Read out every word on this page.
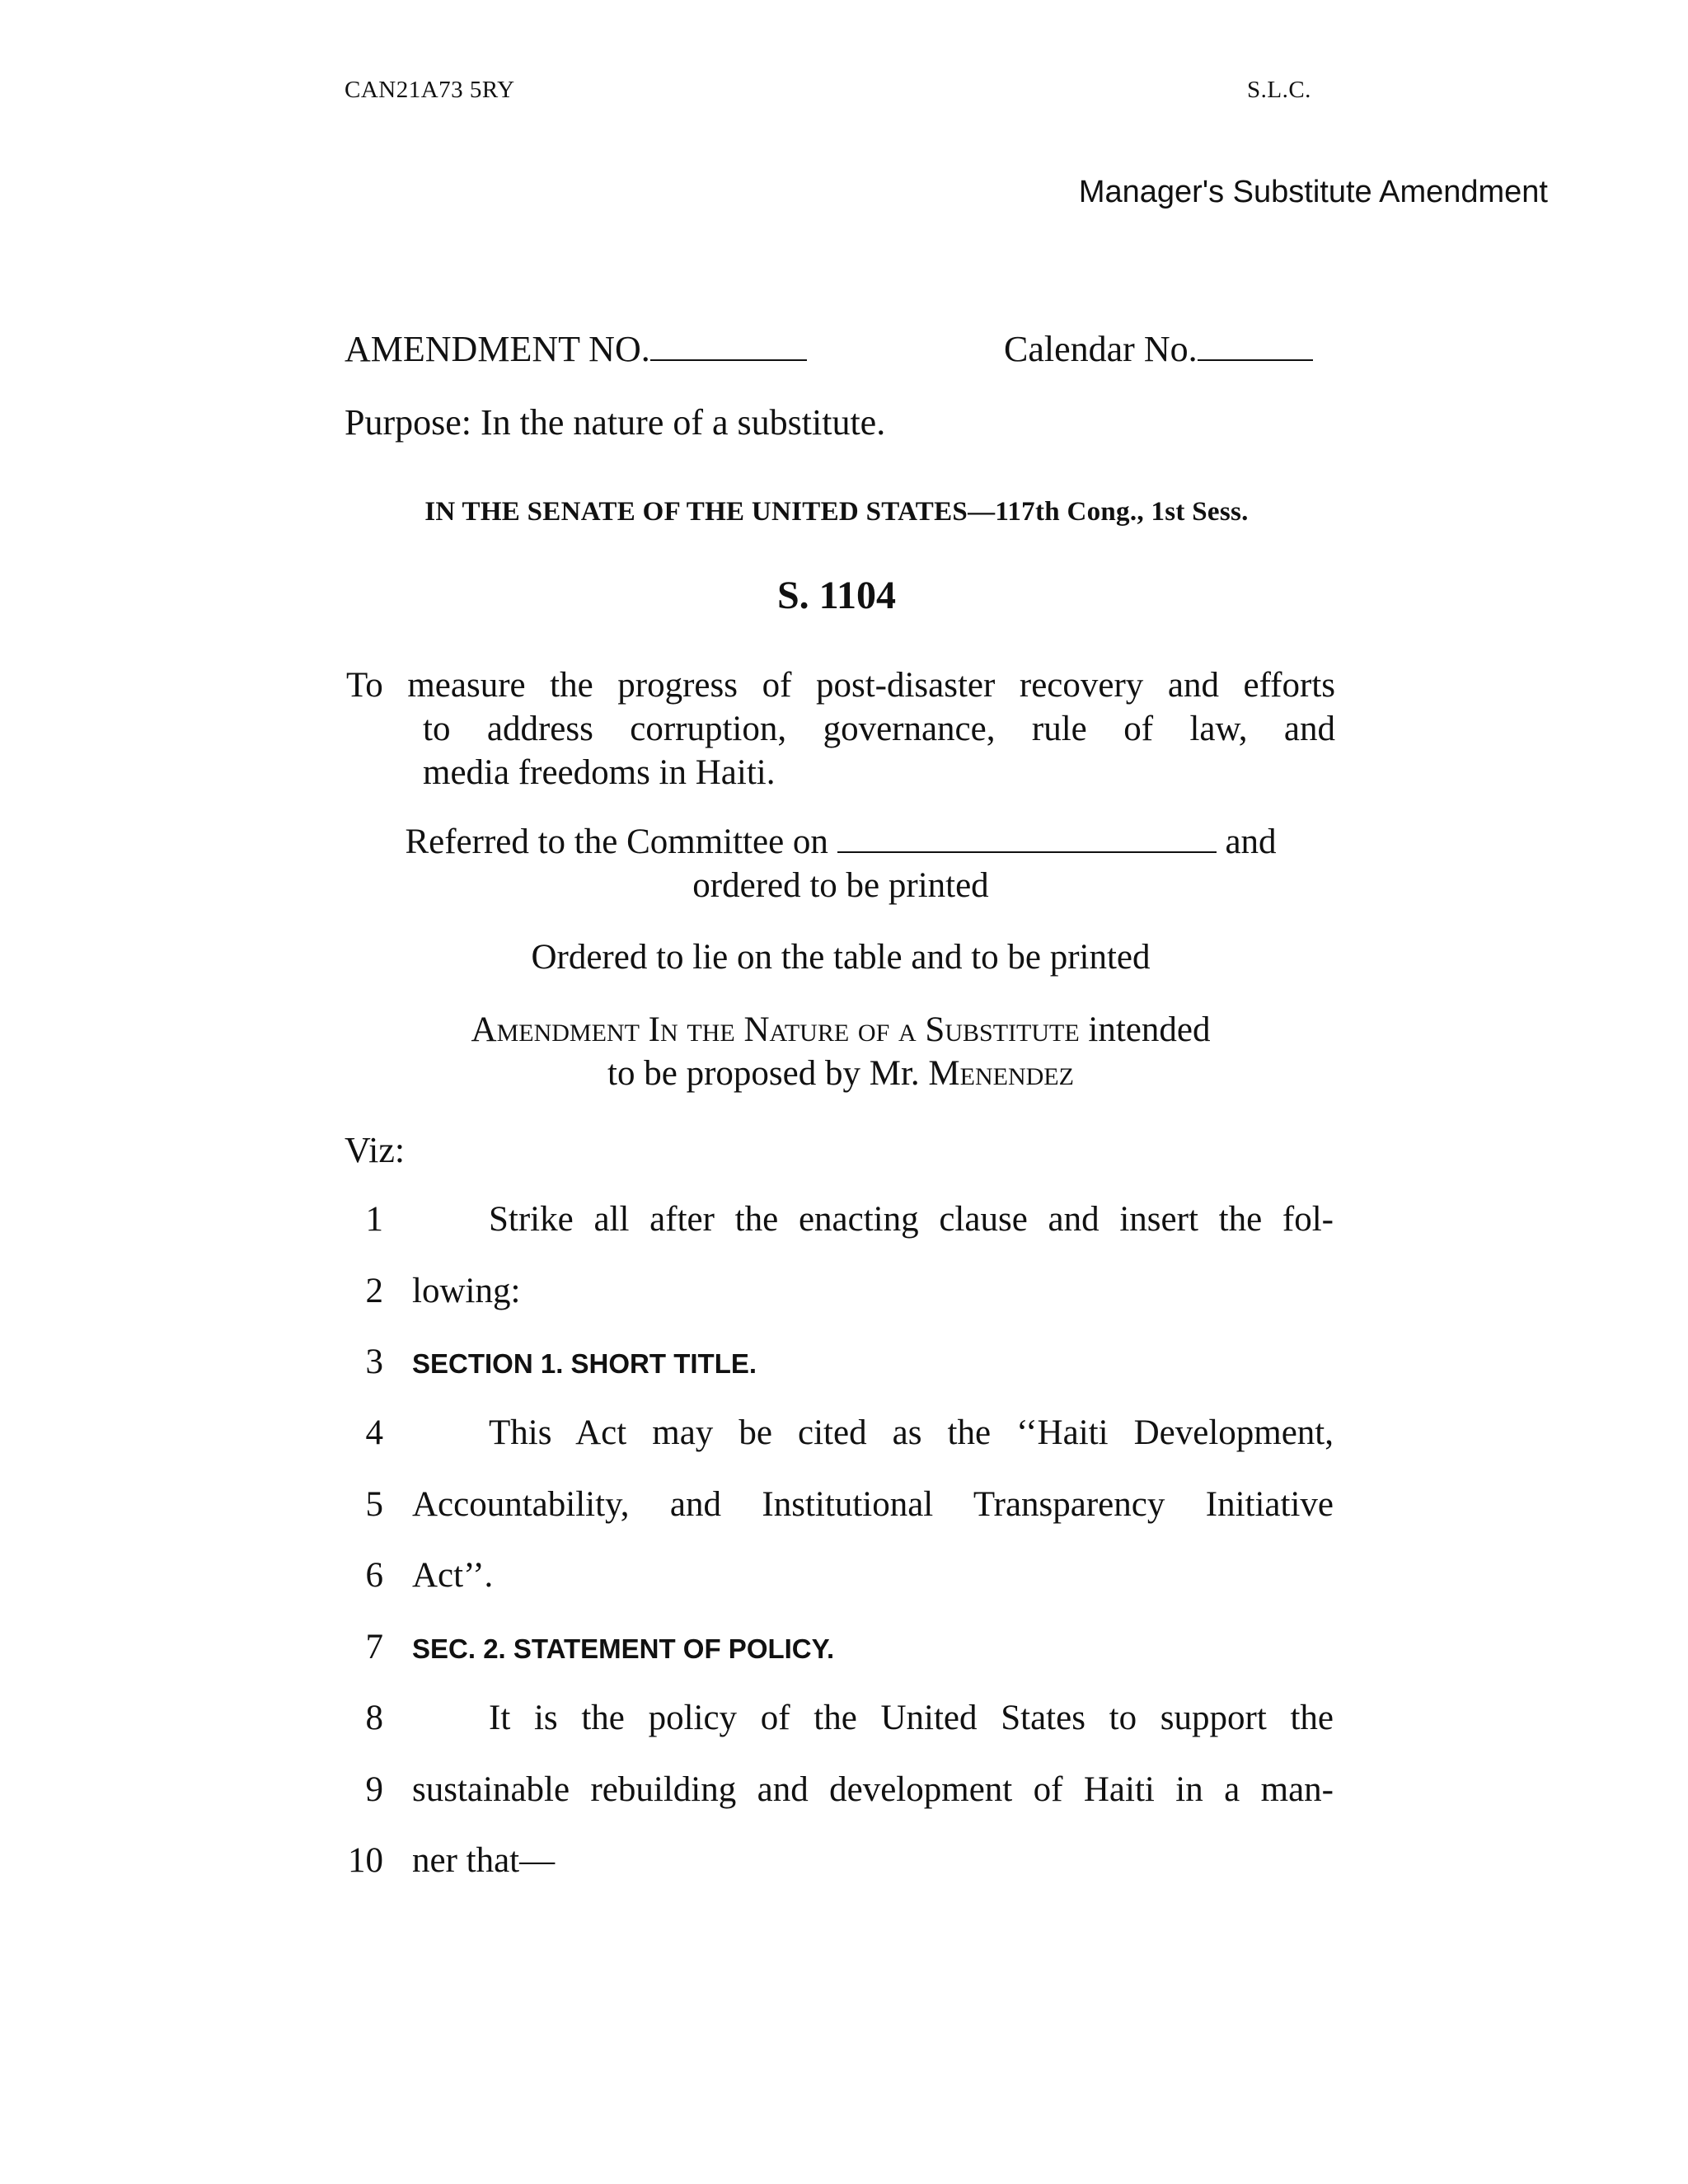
CAN21A73 5RY	S.L.C.
Manager's Substitute Amendment
AMENDMENT NO.	Calendar No.
Purpose: In the nature of a substitute.
IN THE SENATE OF THE UNITED STATES—117th Cong., 1st Sess.
S. 1104
To measure the progress of post-disaster recovery and efforts
to address corruption, governance, rule of law, and
media freedoms in Haiti.
Referred to the Committee on	and
ordered to be printed
Ordered to lie on the table and to be printed
Amendment In the Nature of a Substitute intended
to be proposed by Mr. Menendez
Viz:
1	Strike all after the enacting clause and insert the fol-
2 lowing:
3 SECTION 1. SHORT TITLE.
4	This Act may be cited as the ‘‘Haiti Development,
5 Accountability, and Institutional Transparency Initiative
6 Act’’.
7 SEC. 2. STATEMENT OF POLICY.
8	It is the policy of the United States to support the
9 sustainable rebuilding and development of Haiti in a man-
10 ner that—
